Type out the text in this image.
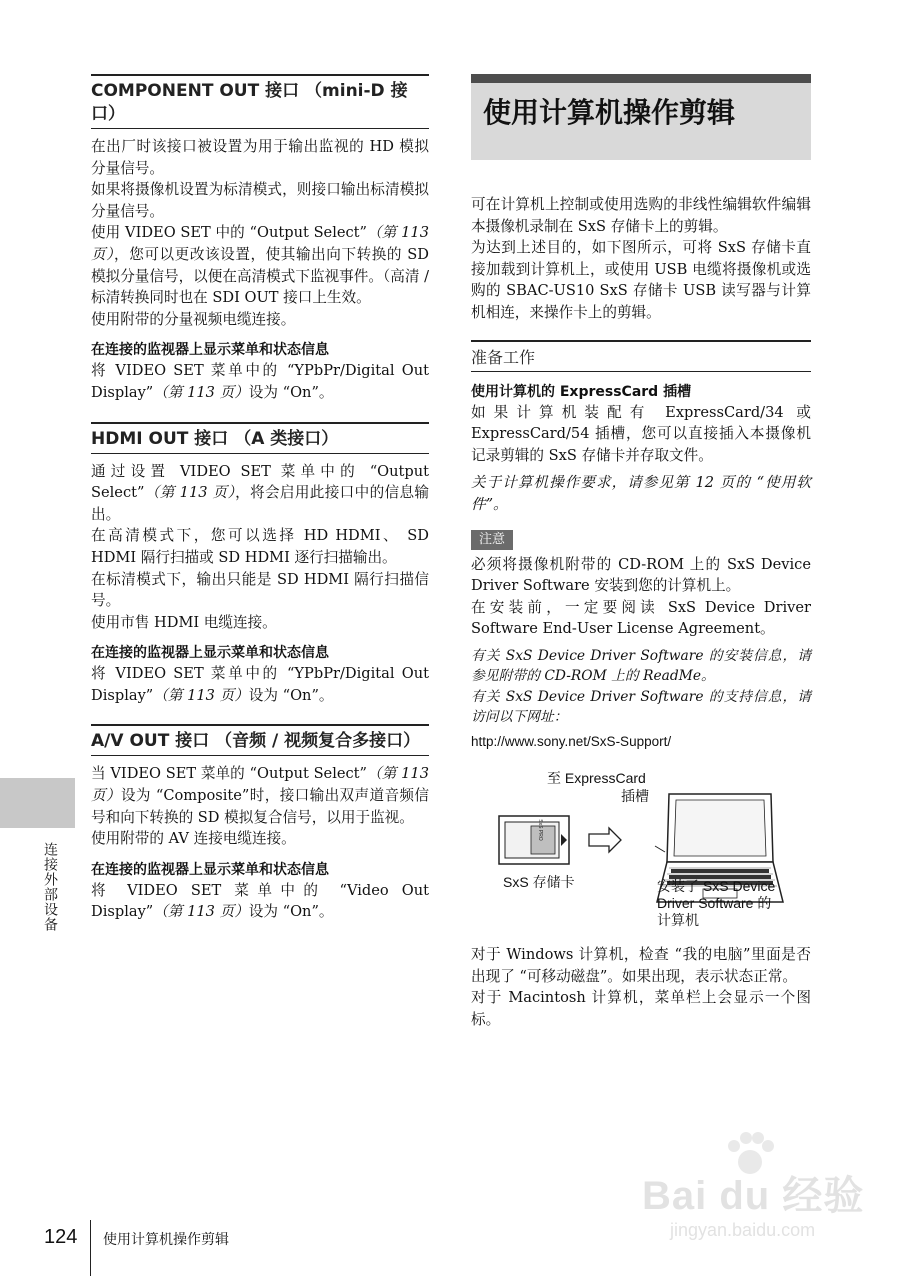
COMPONENT OUT 接口 （mini-D 接口）

在出厂时该接口被设置为用于输出监视的 HD 模拟分量信号。

如果将摄像机设置为标清模式，则接口输出标清模拟分量信号。

使用 VIDEO SET 中的 “Output Select”（第 113 页），您可以更改该设置，使其输出向下转换的 SD 模拟分量信号，以便在高清模式下监视事件。（高清 / 标清转换同时也在 SDI OUT 接口上生效。

使用附带的分量视频电缆连接。

在连接的监视器上显示菜单和状态信息

将 VIDEO SET 菜单中的 “YPbPr/Digital Out Display”（第 113 页）设为 “On”。

HDMI OUT 接口 （A 类接口）

通过设置 VIDEO SET 菜单中的 “Output Select”（第 113 页），将会启用此接口中的信息输出。

在高清模式下，您可以选择 HD HDMI、 SD HDMI 隔行扫描或 SD HDMI 逐行扫描输出。

在标清模式下，输出只能是 SD HDMI 隔行扫描信号。

使用市售 HDMI 电缆连接。

在连接的监视器上显示菜单和状态信息

将 VIDEO SET 菜单中的 “YPbPr/Digital Out Display”（第 113 页）设为 “On”。

A/V OUT 接口 （音频 / 视频复合多接口）

当 VIDEO SET 菜单的 “Output Select”（第 113 页）设为 “Composite”时，接口输出双声道音频信号和向下转换的 SD 模拟复合信号，以用于监视。

使用附带的 AV 连接电缆连接。

在连接的监视器上显示菜单和状态信息

将 VIDEO SET 菜单中的 “Video Out Display”（第 113 页）设为 “On”。

使用计算机操作剪辑

可在计算机上控制或使用选购的非线性编辑软件编辑本摄像机录制在 SxS 存储卡上的剪辑。

为达到上述目的，如下图所示，可将 SxS 存储卡直接加载到计算机上，或使用 USB 电缆将摄像机或选购的 SBAC-US10 SxS 存储卡 USB 读写器与计算机相连，来操作卡上的剪辑。

准备工作
使用计算机的 ExpressCard 插槽

如果计算机装配有 ExpressCard/34 或 ExpressCard/54 插槽，您可以直接插入本摄像机记录剪辑的 SxS 存储卡并存取文件。

关于计算机操作要求，请参见第 12 页的 “使用软件”。

注意

必须将摄像机附带的 CD-ROM 上的 SxS Device Driver Software 安装到您的计算机上。

在安装前，一定要阅读 SxS Device Driver Software End-User License Agreement。

有关 SxS Device Driver Software 的安装信息，请参见附带的 CD-ROM 上的 ReadMe。

有关 SxS Device Driver Software 的支持信息，请访问以下网址：

http://www.sony.net/SxS-Support/
至 ExpressCard
插槽
SxS PRO
SxS 存储卡	安装了 SxS Device
Driver Software 的
计算机

对于 Windows 计算机，检查 “我的电脑”里面是否出现了 “可移动磁盘”。如果出现，表示状态正常。

对于 Macintosh 计算机，菜单栏上会显示一个图标。

连接外部设备
124 使用计算机操作剪辑
Bai du 经验
jingyan.baidu.com
